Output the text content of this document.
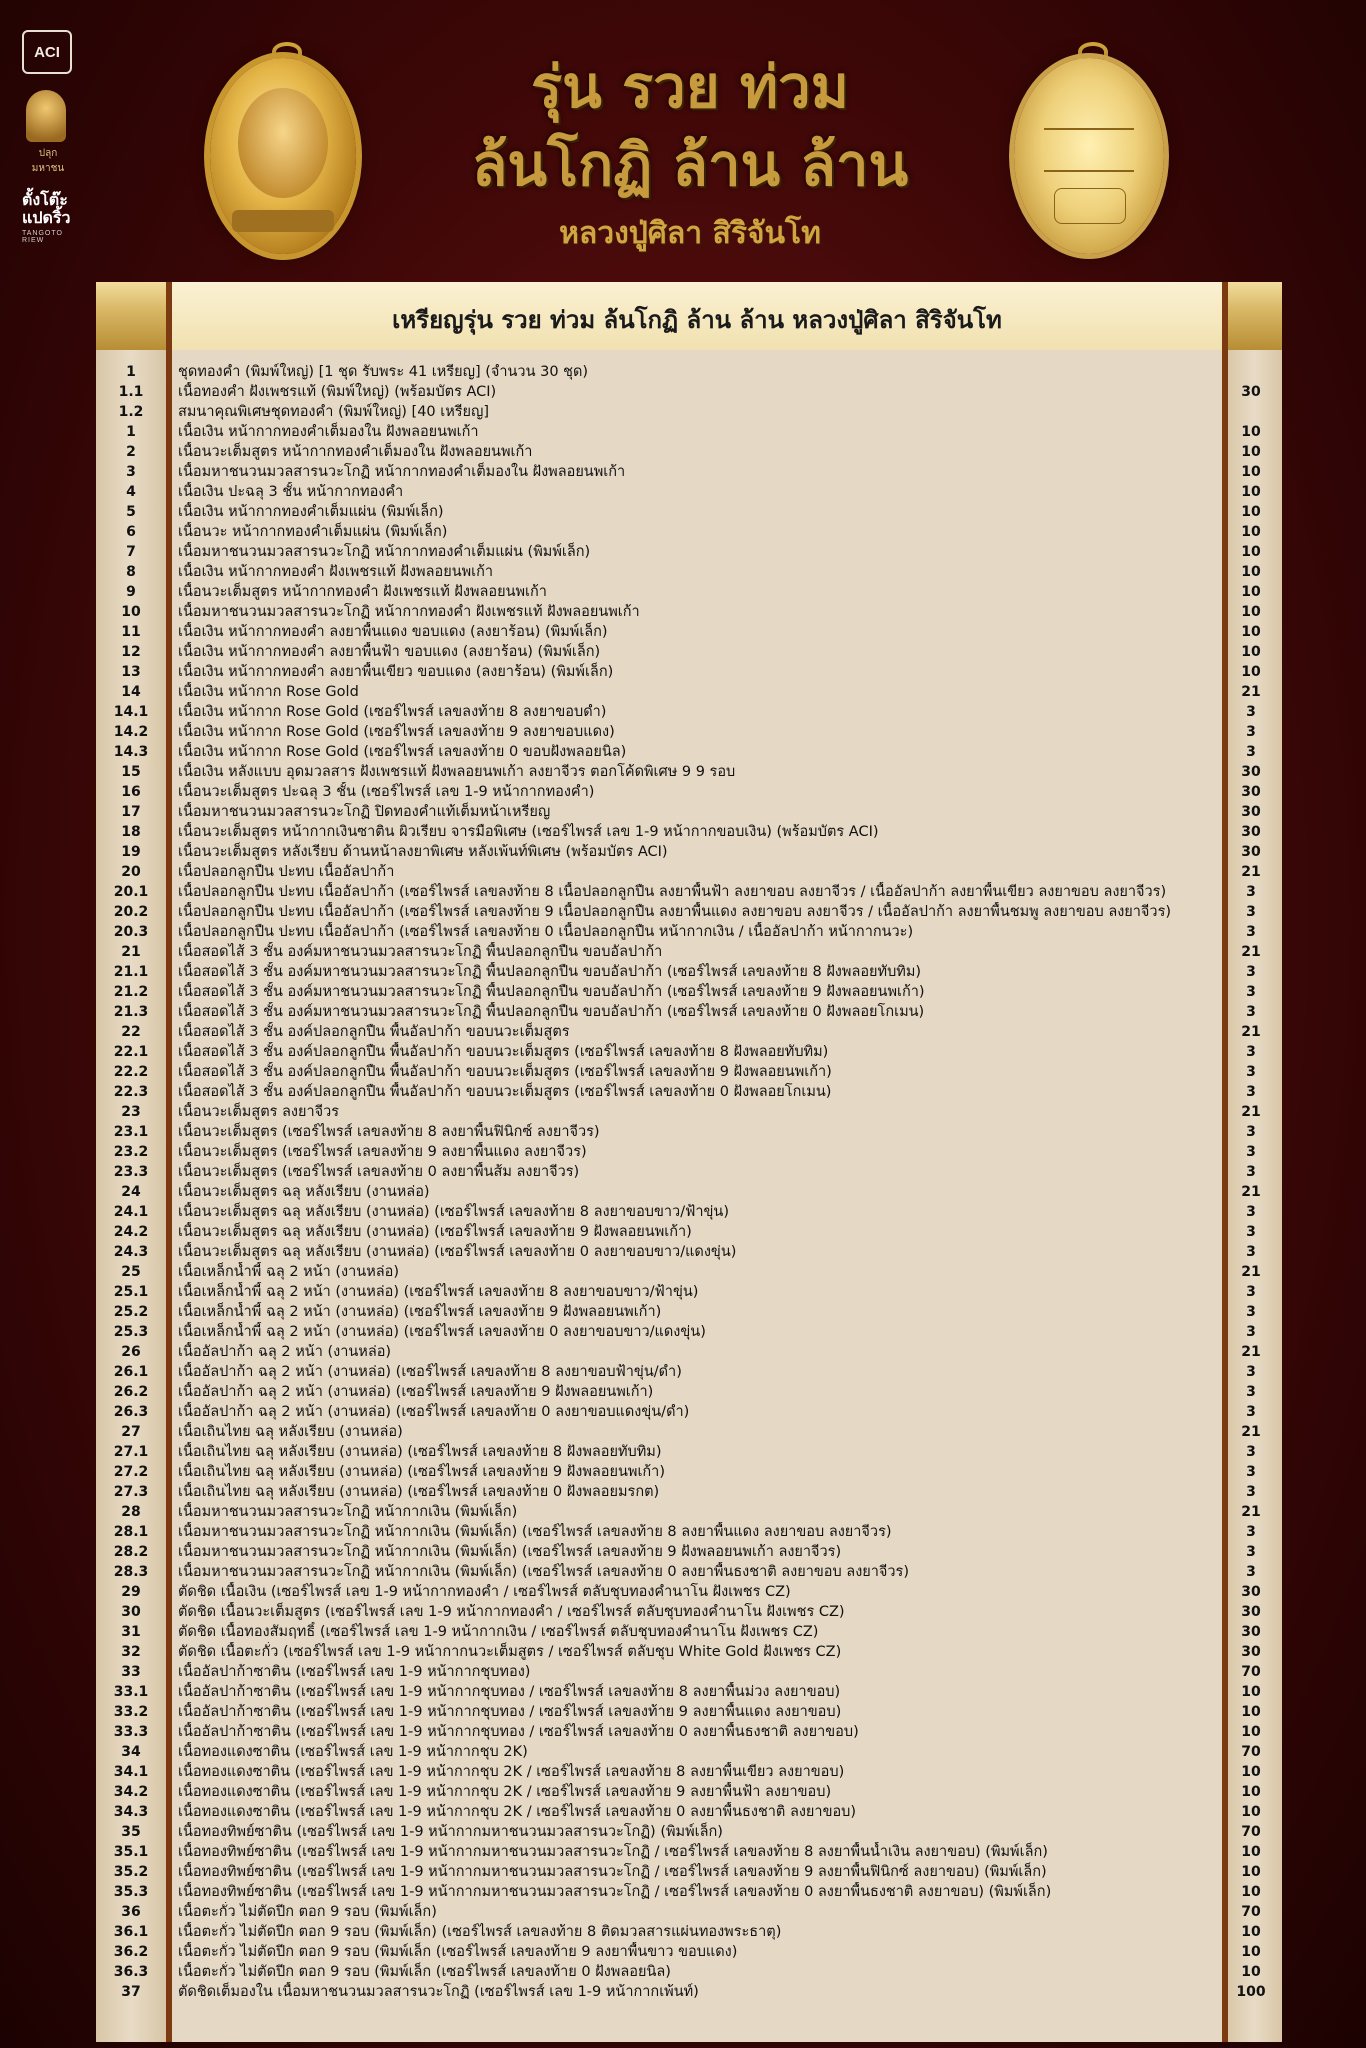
ACI
ปลุก มหาชน
ตั้งโต๊ะ แปดริ้ว
TANGOTO RIEW
รุ่น รวย ท่วม
ล้นโกฏิ ล้าน ล้าน
หลวงปู่ศิลา สิริจันโท
เหรียญรุ่น รวย ท่วม ล้นโกฏิ ล้าน ล้าน หลวงปู่ศิลา สิริจันโท
1	ชุดทองคำ (พิมพ์ใหญ่) [1 ชุด รับพระ 41 เหรียญ] (จำนวน 30 ชุด)
1.1	เนื้อทองคำ ฝังเพชรแท้ (พิมพ์ใหญ่) (พร้อมบัตร ACI)	30
1.2	สมนาคุณพิเศษชุดทองคำ (พิมพ์ใหญ่) [40 เหรียญ]
1	เนื้อเงิน หน้ากากทองคำเต็มองใน ฝังพลอยนพเก้า	10
2	เนื้อนวะเต็มสูตร หน้ากากทองคำเต็มองใน ฝังพลอยนพเก้า	10
3	เนื้อมหาชนวนมวลสารนวะโกฏิ หน้ากากทองคำเต็มองใน ฝังพลอยนพเก้า	10
4	เนื้อเงิน ปะฉลุ 3 ชั้น หน้ากากทองคำ	10
5	เนื้อเงิน หน้ากากทองคำเต็มแผ่น (พิมพ์เล็ก)	10
6	เนื้อนวะ หน้ากากทองคำเต็มแผ่น (พิมพ์เล็ก)	10
7	เนื้อมหาชนวนมวลสารนวะโกฏิ หน้ากากทองคำเต็มแผ่น (พิมพ์เล็ก)	10
8	เนื้อเงิน หน้ากากทองคำ ฝังเพชรแท้ ฝังพลอยนพเก้า	10
9	เนื้อนวะเต็มสูตร หน้ากากทองคำ ฝังเพชรแท้ ฝังพลอยนพเก้า	10
10	เนื้อมหาชนวนมวลสารนวะโกฏิ หน้ากากทองคำ ฝังเพชรแท้ ฝังพลอยนพเก้า	10
11	เนื้อเงิน หน้ากากทองคำ ลงยาพื้นแดง ขอบแดง (ลงยาร้อน) (พิมพ์เล็ก)	10
12	เนื้อเงิน หน้ากากทองคำ ลงยาพื้นฟ้า ขอบแดง (ลงยาร้อน) (พิมพ์เล็ก)	10
13	เนื้อเงิน หน้ากากทองคำ ลงยาพื้นเขียว ขอบแดง (ลงยาร้อน) (พิมพ์เล็ก)	10
14	เนื้อเงิน หน้ากาก Rose Gold	21
14.1	เนื้อเงิน หน้ากาก Rose Gold (เซอร์ไพรส์ เลขลงท้าย 8 ลงยาขอบดำ)	3
14.2	เนื้อเงิน หน้ากาก Rose Gold (เซอร์ไพรส์ เลขลงท้าย 9 ลงยาขอบแดง)	3
14.3	เนื้อเงิน หน้ากาก Rose Gold (เซอร์ไพรส์ เลขลงท้าย 0 ขอบฝังพลอยนิล)	3
15	เนื้อเงิน หลังแบบ อุดมวลสาร ฝังเพชรแท้ ฝังพลอยนพเก้า ลงยาจีวร ตอกโค้ดพิเศษ 9 9 รอบ	30
16	เนื้อนวะเต็มสูตร ปะฉลุ 3 ชั้น (เซอร์ไพรส์ เลข 1-9 หน้ากากทองคำ)	30
17	เนื้อมหาชนวนมวลสารนวะโกฏิ ปิดทองคำแท้เต็มหน้าเหรียญ	30
18	เนื้อนวะเต็มสูตร หน้ากากเงินซาติน ผิวเรียบ จารมือพิเศษ (เซอร์ไพรส์ เลข 1-9 หน้ากากขอบเงิน) (พร้อมบัตร ACI)	30
19	เนื้อนวะเต็มสูตร หลังเรียบ ด้านหน้าลงยาพิเศษ หลังเพ้นท์พิเศษ (พร้อมบัตร ACI)	30
20	เนื้อปลอกลูกปืน ปะทบ เนื้ออัลปาก้า	21
20.1	เนื้อปลอกลูกปืน ปะทบ เนื้ออัลปาก้า (เซอร์ไพรส์ เลขลงท้าย 8 เนื้อปลอกลูกปืน ลงยาพื้นฟ้า ลงยาขอบ ลงยาจีวร / เนื้ออัลปาก้า ลงยาพื้นเขียว ลงยาขอบ ลงยาจีวร)	3
20.2	เนื้อปลอกลูกปืน ปะทบ เนื้ออัลปาก้า (เซอร์ไพรส์ เลขลงท้าย 9 เนื้อปลอกลูกปืน ลงยาพื้นแดง ลงยาขอบ ลงยาจีวร / เนื้ออัลปาก้า ลงยาพื้นชมพู ลงยาขอบ ลงยาจีวร)	3
20.3	เนื้อปลอกลูกปืน ปะทบ เนื้ออัลปาก้า (เซอร์ไพรส์ เลขลงท้าย 0 เนื้อปลอกลูกปืน หน้ากากเงิน / เนื้ออัลปาก้า หน้ากากนวะ)	3
21	เนื้อสอดไส้ 3 ชั้น องค์มหาชนวนมวลสารนวะโกฏิ พื้นปลอกลูกปืน ขอบอัลปาก้า	21
21.1	เนื้อสอดไส้ 3 ชั้น องค์มหาชนวนมวลสารนวะโกฏิ พื้นปลอกลูกปืน ขอบอัลปาก้า (เซอร์ไพรส์ เลขลงท้าย 8 ฝังพลอยทับทิม)	3
21.2	เนื้อสอดไส้ 3 ชั้น องค์มหาชนวนมวลสารนวะโกฏิ พื้นปลอกลูกปืน ขอบอัลปาก้า (เซอร์ไพรส์ เลขลงท้าย 9 ฝังพลอยนพเก้า)	3
21.3	เนื้อสอดไส้ 3 ชั้น องค์มหาชนวนมวลสารนวะโกฏิ พื้นปลอกลูกปืน ขอบอัลปาก้า (เซอร์ไพรส์ เลขลงท้าย 0 ฝังพลอยโกเมน)	3
22	เนื้อสอดไส้ 3 ชั้น องค์ปลอกลูกปืน พื้นอัลปาก้า ขอบนวะเต็มสูตร	21
22.1	เนื้อสอดไส้ 3 ชั้น องค์ปลอกลูกปืน พื้นอัลปาก้า ขอบนวะเต็มสูตร (เซอร์ไพรส์ เลขลงท้าย 8 ฝังพลอยทับทิม)	3
22.2	เนื้อสอดไส้ 3 ชั้น องค์ปลอกลูกปืน พื้นอัลปาก้า ขอบนวะเต็มสูตร (เซอร์ไพรส์ เลขลงท้าย 9 ฝังพลอยนพเก้า)	3
22.3	เนื้อสอดไส้ 3 ชั้น องค์ปลอกลูกปืน พื้นอัลปาก้า ขอบนวะเต็มสูตร (เซอร์ไพรส์ เลขลงท้าย 0 ฝังพลอยโกเมน)	3
23	เนื้อนวะเต็มสูตร ลงยาจีวร	21
23.1	เนื้อนวะเต็มสูตร (เซอร์ไพรส์ เลขลงท้าย 8 ลงยาพื้นฟินิกซ์ ลงยาจีวร)	3
23.2	เนื้อนวะเต็มสูตร (เซอร์ไพรส์ เลขลงท้าย 9 ลงยาพื้นแดง ลงยาจีวร)	3
23.3	เนื้อนวะเต็มสูตร (เซอร์ไพรส์ เลขลงท้าย 0 ลงยาพื้นส้ม ลงยาจีวร)	3
24	เนื้อนวะเต็มสูตร ฉลุ หลังเรียบ (งานหล่อ)	21
24.1	เนื้อนวะเต็มสูตร ฉลุ หลังเรียบ (งานหล่อ) (เซอร์ไพรส์ เลขลงท้าย 8 ลงยาขอบขาว/ฟ้าขุ่น)	3
24.2	เนื้อนวะเต็มสูตร ฉลุ หลังเรียบ (งานหล่อ) (เซอร์ไพรส์ เลขลงท้าย 9 ฝังพลอยนพเก้า)	3
24.3	เนื้อนวะเต็มสูตร ฉลุ หลังเรียบ (งานหล่อ) (เซอร์ไพรส์ เลขลงท้าย 0 ลงยาขอบขาว/แดงขุ่น)	3
25	เนื้อเหล็กน้ำพี้ ฉลุ 2 หน้า (งานหล่อ)	21
25.1	เนื้อเหล็กน้ำพี้ ฉลุ 2 หน้า (งานหล่อ) (เซอร์ไพรส์ เลขลงท้าย 8 ลงยาขอบขาว/ฟ้าขุ่น)	3
25.2	เนื้อเหล็กน้ำพี้ ฉลุ 2 หน้า (งานหล่อ) (เซอร์ไพรส์ เลขลงท้าย 9 ฝังพลอยนพเก้า)	3
25.3	เนื้อเหล็กน้ำพี้ ฉลุ 2 หน้า (งานหล่อ) (เซอร์ไพรส์ เลขลงท้าย 0 ลงยาขอบขาว/แดงขุ่น)	3
26	เนื้ออัลปาก้า ฉลุ 2 หน้า (งานหล่อ)	21
26.1	เนื้ออัลปาก้า ฉลุ 2 หน้า (งานหล่อ) (เซอร์ไพรส์ เลขลงท้าย 8 ลงยาขอบฟ้าขุ่น/ดำ)	3
26.2	เนื้ออัลปาก้า ฉลุ 2 หน้า (งานหล่อ) (เซอร์ไพรส์ เลขลงท้าย 9 ฝังพลอยนพเก้า)	3
26.3	เนื้ออัลปาก้า ฉลุ 2 หน้า (งานหล่อ) (เซอร์ไพรส์ เลขลงท้าย 0 ลงยาขอบแดงขุ่น/ดำ)	3
27	เนื้อเถินไทย ฉลุ หลังเรียบ (งานหล่อ)	21
27.1	เนื้อเถินไทย ฉลุ หลังเรียบ (งานหล่อ) (เซอร์ไพรส์ เลขลงท้าย 8 ฝังพลอยทับทิม)	3
27.2	เนื้อเถินไทย ฉลุ หลังเรียบ (งานหล่อ) (เซอร์ไพรส์ เลขลงท้าย 9 ฝังพลอยนพเก้า)	3
27.3	เนื้อเถินไทย ฉลุ หลังเรียบ (งานหล่อ) (เซอร์ไพรส์ เลขลงท้าย 0 ฝังพลอยมรกต)	3
28	เนื้อมหาชนวนมวลสารนวะโกฏิ หน้ากากเงิน (พิมพ์เล็ก)	21
28.1	เนื้อมหาชนวนมวลสารนวะโกฏิ หน้ากากเงิน (พิมพ์เล็ก) (เซอร์ไพรส์ เลขลงท้าย 8 ลงยาพื้นแดง ลงยาขอบ ลงยาจีวร)	3
28.2	เนื้อมหาชนวนมวลสารนวะโกฏิ หน้ากากเงิน (พิมพ์เล็ก) (เซอร์ไพรส์ เลขลงท้าย 9 ฝังพลอยนพเก้า ลงยาจีวร)	3
28.3	เนื้อมหาชนวนมวลสารนวะโกฏิ หน้ากากเงิน (พิมพ์เล็ก) (เซอร์ไพรส์ เลขลงท้าย 0 ลงยาพื้นธงชาติ ลงยาขอบ ลงยาจีวร)	3
29	ตัดชิด เนื้อเงิน (เซอร์ไพรส์ เลข 1-9 หน้ากากทองคำ / เซอร์ไพรส์ ตลับชุบทองคำนาโน ฝังเพชร CZ)	30
30	ตัดชิด เนื้อนวะเต็มสูตร (เซอร์ไพรส์ เลข 1-9 หน้ากากทองคำ / เซอร์ไพรส์ ตลับชุบทองคำนาโน ฝังเพชร CZ)	30
31	ตัดชิด เนื้อทองสัมฤทธิ์ (เซอร์ไพรส์ เลข 1-9 หน้ากากเงิน / เซอร์ไพรส์ ตลับชุบทองคำนาโน ฝังเพชร CZ)	30
32	ตัดชิด เนื้อตะกั่ว (เซอร์ไพรส์ เลข 1-9 หน้ากากนวะเต็มสูตร / เซอร์ไพรส์ ตลับชุบ White Gold ฝังเพชร CZ)	30
33	เนื้ออัลปาก้าซาติน (เซอร์ไพรส์ เลข 1-9 หน้ากากชุบทอง)	70
33.1	เนื้ออัลปาก้าซาติน (เซอร์ไพรส์ เลข 1-9 หน้ากากชุบทอง / เซอร์ไพรส์ เลขลงท้าย 8 ลงยาพื้นม่วง ลงยาขอบ)	10
33.2	เนื้ออัลปาก้าซาติน (เซอร์ไพรส์ เลข 1-9 หน้ากากชุบทอง / เซอร์ไพรส์ เลขลงท้าย 9 ลงยาพื้นแดง ลงยาขอบ)	10
33.3	เนื้ออัลปาก้าซาติน (เซอร์ไพรส์ เลข 1-9 หน้ากากชุบทอง / เซอร์ไพรส์ เลขลงท้าย 0 ลงยาพื้นธงชาติ ลงยาขอบ)	10
34	เนื้อทองแดงซาติน (เซอร์ไพรส์ เลข 1-9 หน้ากากชุบ 2K)	70
34.1	เนื้อทองแดงซาติน (เซอร์ไพรส์ เลข 1-9 หน้ากากชุบ 2K / เซอร์ไพรส์ เลขลงท้าย 8 ลงยาพื้นเขียว ลงยาขอบ)	10
34.2	เนื้อทองแดงซาติน (เซอร์ไพรส์ เลข 1-9 หน้ากากชุบ 2K / เซอร์ไพรส์ เลขลงท้าย 9 ลงยาพื้นฟ้า ลงยาขอบ)	10
34.3	เนื้อทองแดงซาติน (เซอร์ไพรส์ เลข 1-9 หน้ากากชุบ 2K / เซอร์ไพรส์ เลขลงท้าย 0 ลงยาพื้นธงชาติ ลงยาขอบ)	10
35	เนื้อทองทิพย์ซาติน (เซอร์ไพรส์ เลข 1-9 หน้ากากมหาชนวนมวลสารนวะโกฏิ) (พิมพ์เล็ก)	70
35.1	เนื้อทองทิพย์ซาติน (เซอร์ไพรส์ เลข 1-9 หน้ากากมหาชนวนมวลสารนวะโกฏิ / เซอร์ไพรส์ เลขลงท้าย 8 ลงยาพื้นน้ำเงิน ลงยาขอบ) (พิมพ์เล็ก)	10
35.2	เนื้อทองทิพย์ซาติน (เซอร์ไพรส์ เลข 1-9 หน้ากากมหาชนวนมวลสารนวะโกฏิ / เซอร์ไพรส์ เลขลงท้าย 9 ลงยาพื้นฟินิกซ์ ลงยาขอบ) (พิมพ์เล็ก)	10
35.3	เนื้อทองทิพย์ซาติน (เซอร์ไพรส์ เลข 1-9 หน้ากากมหาชนวนมวลสารนวะโกฏิ / เซอร์ไพรส์ เลขลงท้าย 0 ลงยาพื้นธงชาติ ลงยาขอบ) (พิมพ์เล็ก)	10
36	เนื้อตะกั่ว ไม่ตัดปีก ตอก 9 รอบ (พิมพ์เล็ก)	70
36.1	เนื้อตะกั่ว ไม่ตัดปีก ตอก 9 รอบ (พิมพ์เล็ก) (เซอร์ไพรส์ เลขลงท้าย 8 ติดมวลสารแผ่นทองพระธาตุ)	10
36.2	เนื้อตะกั่ว ไม่ตัดปีก ตอก 9 รอบ (พิมพ์เล็ก (เซอร์ไพรส์ เลขลงท้าย 9 ลงยาพื้นขาว ขอบแดง)	10
36.3	เนื้อตะกั่ว ไม่ตัดปีก ตอก 9 รอบ (พิมพ์เล็ก (เซอร์ไพรส์ เลขลงท้าย 0 ฝังพลอยนิล)	10
37	ตัดชิดเต็มองใน เนื้อมหาชนวนมวลสารนวะโกฏิ (เซอร์ไพรส์ เลข 1-9 หน้ากากเพ้นท์)	100
